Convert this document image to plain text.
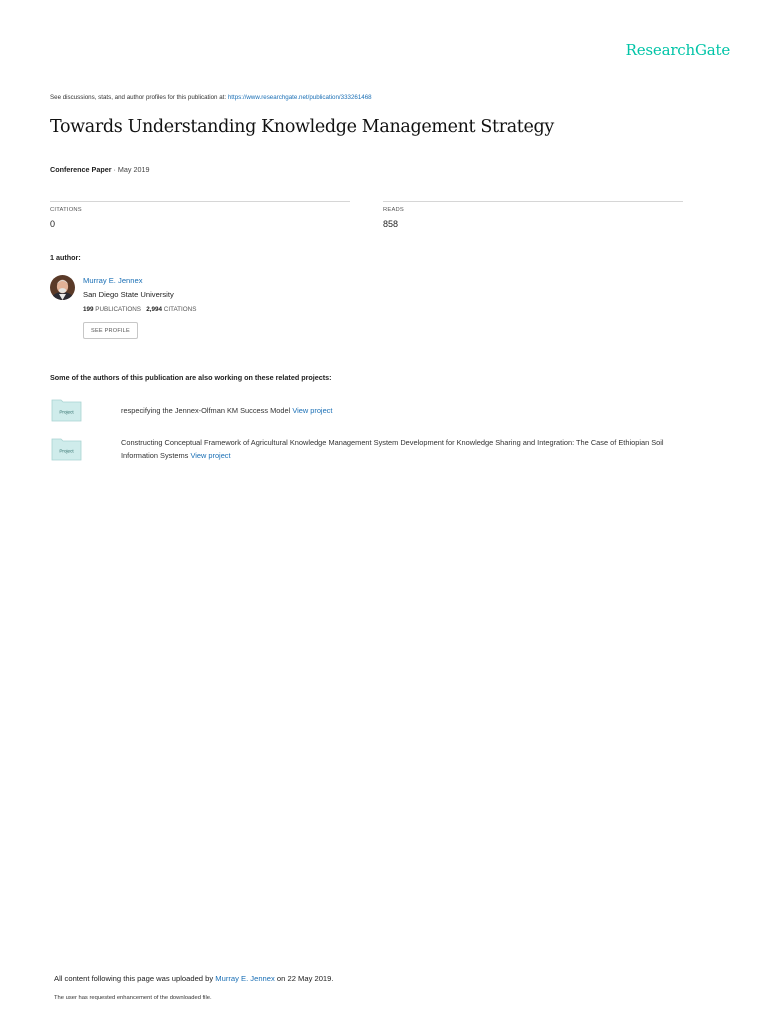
ResearchGate
See discussions, stats, and author profiles for this publication at: https://www.researchgate.net/publication/333261468
Towards Understanding Knowledge Management Strategy
Conference Paper · May 2019
CITATIONS
0
READS
858
1 author:
Murray E. Jennex
San Diego State University
199 PUBLICATIONS 2,994 CITATIONS
SEE PROFILE
Some of the authors of this publication are also working on these related projects:
Project	respecifying the Jennex-Olfman KM Success Model View project
Project
Constructing Conceptual Framework of Agricultural Knowledge Management System Development for Knowledge Sharing and Integration: The Case of Ethiopian Soil Information Systems View project
All content following this page was uploaded by Murray E. Jennex on 22 May 2019.
The user has requested enhancement of the downloaded file.
